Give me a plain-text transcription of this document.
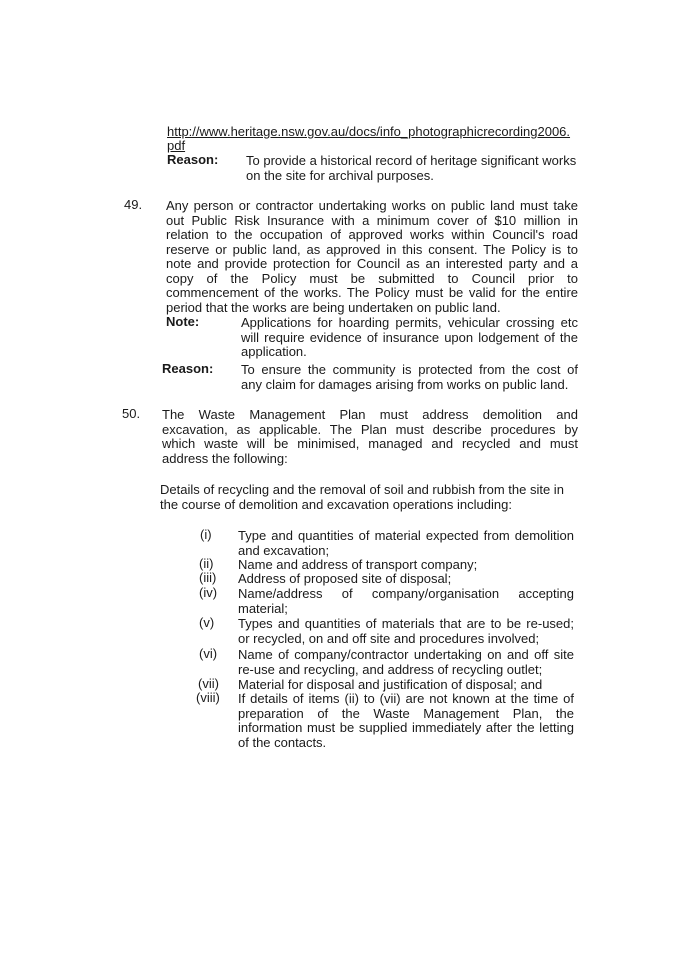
http://www.heritage.nsw.gov.au/docs/info_photographicrecording2006.
pdf
Reason: To provide a historical record of heritage significant works
on the site for archival purposes.
49. Any person or contractor undertaking works on public land must take
out Public Risk Insurance with a minimum cover of $10 million in
relation to the occupation of approved works within Council's road
reserve or public land, as approved in this consent. The Policy is to
note and provide protection for Council as an interested party and a
copy of the Policy must be submitted to Council prior to
commencement of the works. The Policy must be valid for the entire
period that the works are being undertaken on public land.
Note:	Applications for hoarding permits, vehicular crossing etc
will require evidence of insurance upon lodgement of the
application.
Reason: To ensure the community is protected from the cost of
any claim for damages arising from works on public land.
50. The Waste Management Plan must address demolition and
excavation, as applicable. The Plan must describe procedures by
which waste will be minimised, managed and recycled and must
address the following:
Details of recycling and the removal of soil and rubbish from the site in
the course of demolition and excavation operations including:
(i) Type and quantities of material expected from demolition
and excavation;
(ii) Name and address of transport company;
(iii) Address of proposed site of disposal;
(iv) Name/address of company/organisation accepting
material;
(v) Types and quantities of materials that are to be re-used;
or recycled, on and off site and procedures involved;
(vi) Name of company/contractor undertaking on and off site
re-use and recycling, and address of recycling outlet;
(vii) Material for disposal and justification of disposal; and
(viii) If details of items (ii) to (vii) are not known at the time of
preparation of the Waste Management Plan, the
information must be supplied immediately after the letting
of the contacts.
